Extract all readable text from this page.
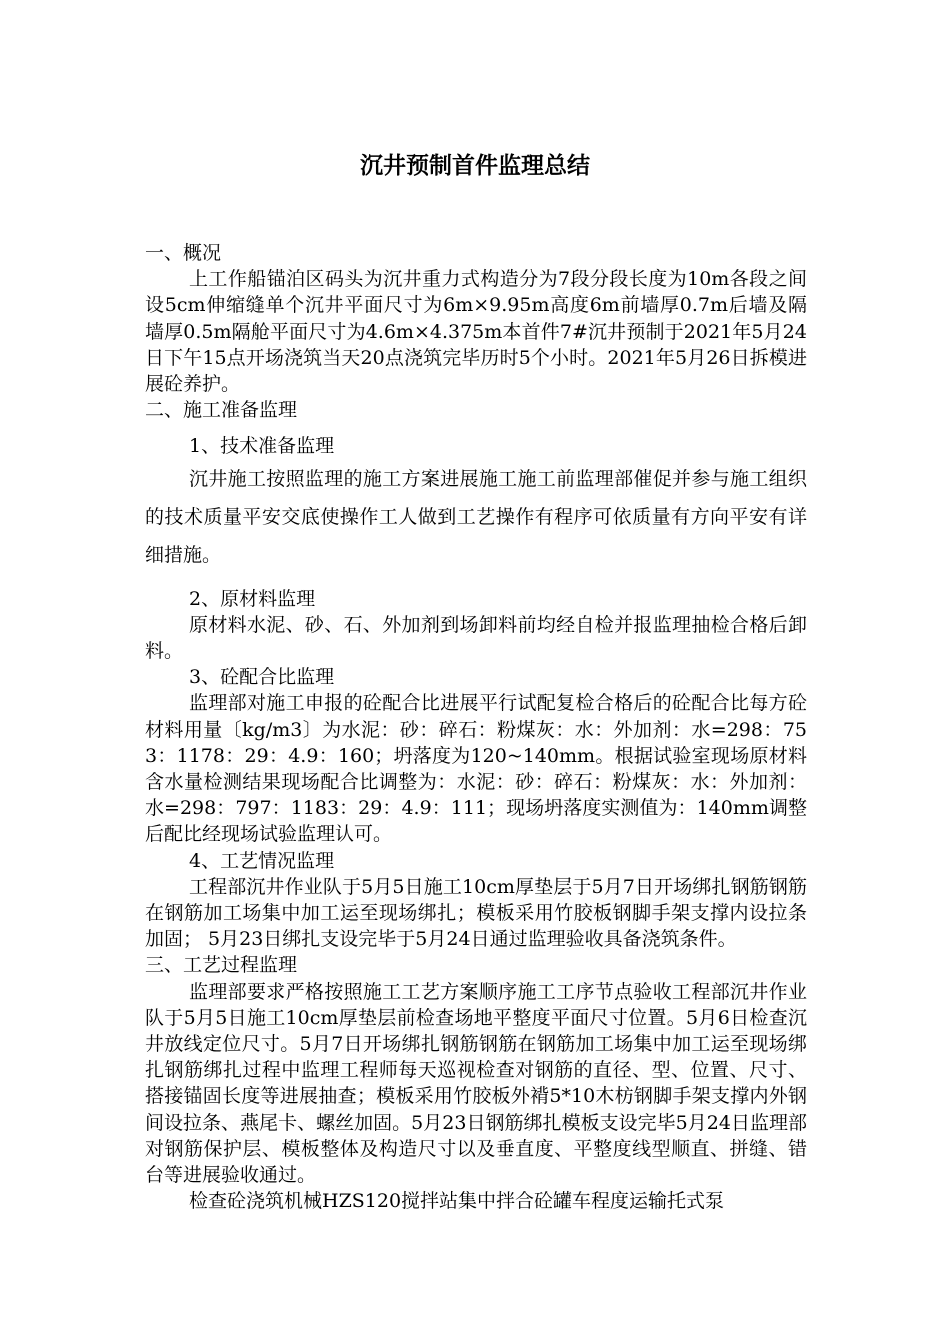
沉井预制首件监理总结

一、概况

上工作船锚泊区码头为沉井重力式构造分为7段分段长度为10m各段之间设5cm伸缩缝单个沉井平面尺寸为6m×9.95m高度6m前墙厚0.7m后墙及隔墙厚0.5m隔舱平面尺寸为4.6m×4.375m本首件7#沉井预制于2021年5月24日下午15点开场浇筑当天20点浇筑完毕历时5个小时。2021年5月26日拆模进展砼养护。

二、施工准备监理

1、技术准备监理

沉井施工按照监理的施工方案进展施工施工前监理部催促并参与施工组织的技术质量平安交底使操作工人做到工艺操作有程序可依质量有方向平安有详细措施。

2、原材料监理

原材料水泥、砂、石、外加剂到场卸料前均经自检并报监理抽检合格后卸料。

3、砼配合比监理

监理部对施工申报的砼配合比进展平行试配复检合格后的砼配合比每方砼材料用量〔kg/m3〕为水泥：砂：碎石：粉煤灰：水：外加剂：水=298：753：1178：29：4.9：160；坍落度为120~140mm。根据试验室现场原材料含水量检测结果现场配合比调整为：水泥：砂：碎石：粉煤灰：水：外加剂：水=298：797：1183：29：4.9：111；现场坍落度实测值为：140mm调整后配比经现场试验监理认可。

4、工艺情况监理

工程部沉井作业队于5月5日施工10cm厚垫层于5月7日开场绑扎钢筋钢筋在钢筋加工场集中加工运至现场绑扎；模板采用竹胶板钢脚手架支撑内设拉条加固； 5月23日绑扎支设完毕于5月24日通过监理验收具备浇筑条件。

三、工艺过程监理

监理部要求严格按照施工工艺方案顺序施工工序节点验收工程部沉井作业队于5月5日施工10cm厚垫层前检查场地平整度平面尺寸位置。5月6日检查沉井放线定位尺寸。5月7日开场绑扎钢筋钢筋在钢筋加工场集中加工运至现场绑扎钢筋绑扎过程中监理工程师每天巡视检查对钢筋的直径、型、位置、尺寸、搭接锚固长度等进展抽查；模板采用竹胶板外褙5*10木枋钢脚手架支撑内外钢间设拉条、燕尾卡、螺丝加固。5月23日钢筋绑扎模板支设完毕5月24日监理部对钢筋保护层、模板整体及构造尺寸以及垂直度、平整度线型顺直、拼缝、错台等进展验收通过。

检查砼浇筑机械HZS120搅拌站集中拌合砼罐车程度运输托式泵
